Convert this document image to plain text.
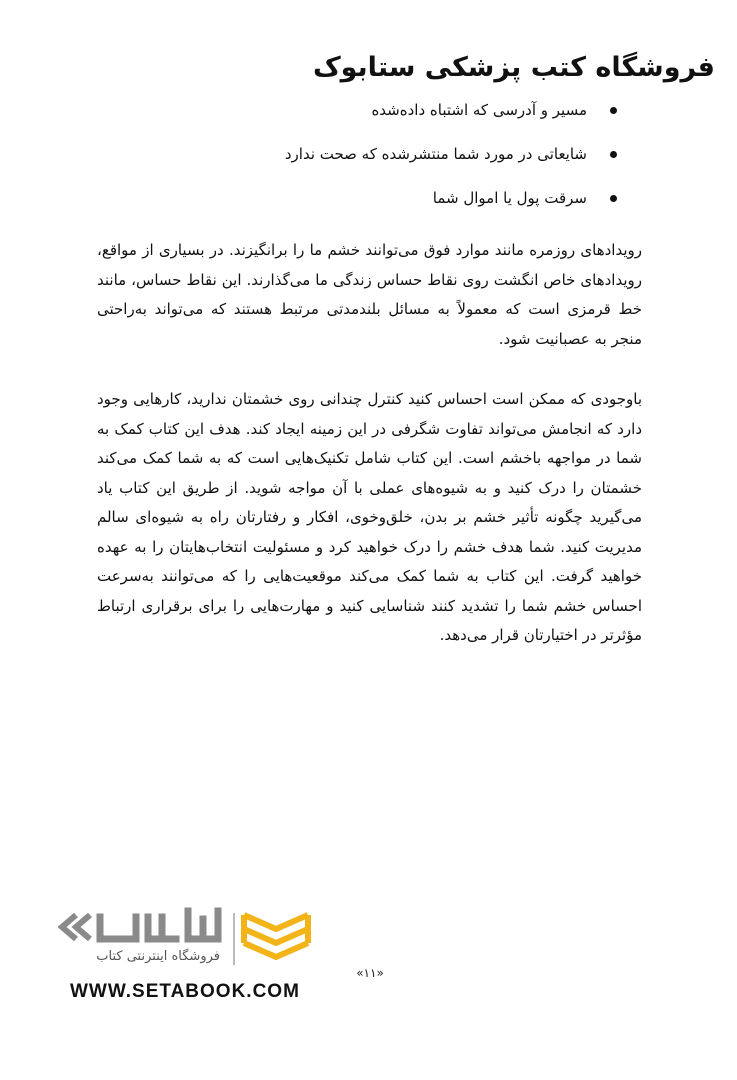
فروشگاه کتب پزشکی ستابوک
مسیر و آدرسی که اشتباه داده‌شده
شایعاتی در مورد شما منتشرشده که صحت ندارد
سرقت پول یا اموال شما

رویدادهای روزمره مانند موارد فوق می‌توانند خشم ما را برانگیزند. در بسیاری از مواقع، رویدادهای خاص انگشت روی نقاط حساس زندگی ما می‌گذارند. این نقاط حساس، مانند خط قرمزی است که معمولاً به مسائل بلندمدتی مرتبط هستند که می‌تواند به‌راحتی منجر به عصبانیت شود.

باوجودی که ممکن است احساس کنید کنترل چندانی روی خشمتان ندارید، کارهایی وجود دارد که انجامش می‌تواند تفاوت شگرفی در این زمینه ایجاد کند. هدف این کتاب کمک به شما در مواجهه باخشم است. این کتاب شامل تکنیک‌هایی است که به شما کمک می‌کند خشمتان را درک کنید و به شیوه‌های عملی با آن مواجه شوید. از طریق این کتاب یاد می‌گیرید چگونه تأثیر خشم بر بدن، خلق‌وخوی، افکار و رفتارتان راه به شیوه‌ای سالم مدیریت کنید. شما هدف خشم را درک خواهید کرد و مسئولیت انتخاب‌هایتان را به عهده خواهید گرفت. این کتاب به شما کمک می‌کند موقعیت‌هایی را که می‌توانند به‌سرعت احساس خشم شما را تشدید کنند شناسایی کنید و مهارت‌هایی را برای برقراری ارتباط مؤثرتر در اختیارتان قرار می‌دهد.

«۱۱»
فروشگاه اینترنتی کتاب
WWW.SETABOOK.COM
